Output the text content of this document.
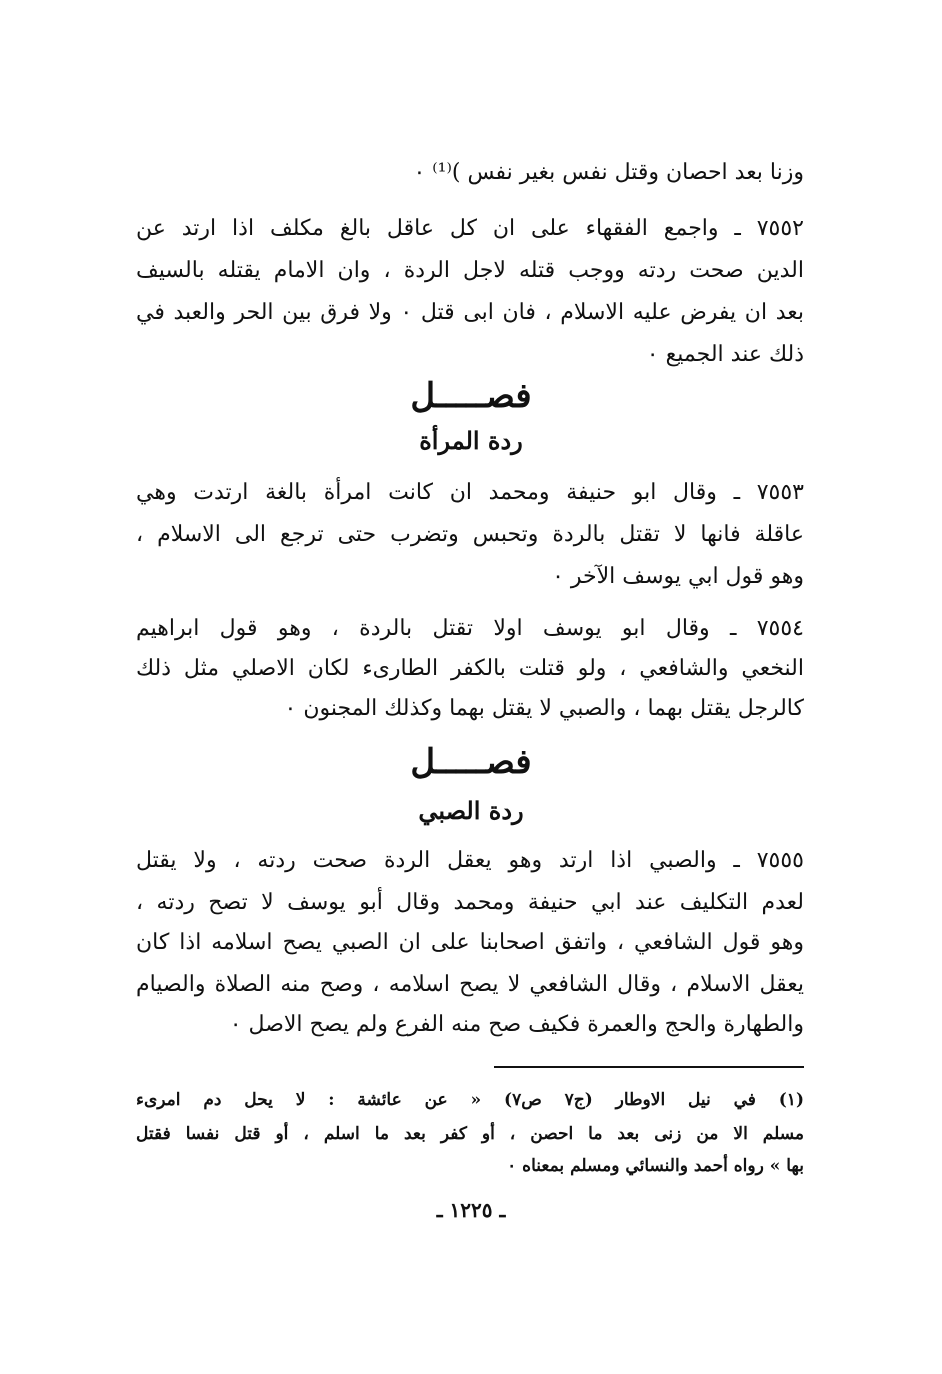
وزنا بعد احصان وقتل نفس بغير نفس )⁽¹⁾ ٠
٧٥٥٢ ـ واجمع الفقهاء على ان كل عاقل بالغ مكلف اذا ارتد عن
الدين صحت ردته ووجب قتله لاجل الردة ، وان الامام يقتله بالسيف
بعد ان يفرض عليه الاسلام ، فان ابى قتل ٠ ولا فرق بين الحر والعبد في
ذلك عند الجميع ٠
فصـــــل
ردة المرأة
٧٥٥٣ ـ وقال ابو حنيفة ومحمد ان كانت امرأة بالغة ارتدت وهي
عاقلة فانها لا تقتل بالردة وتحبس وتضرب حتى ترجع الى الاسلام ،
وهو قول ابي يوسف الآخر ٠
٧٥٥٤ ـ وقال ابو يوسف اولا تقتل بالردة ، وهو قول ابراهيم
النخعي والشافعي ، ولو قتلت بالكفر الطارىء لكان الاصلي مثل ذلك
كالرجل يقتل بهما ، والصبي لا يقتل بهما وكذلك المجنون ٠
فصـــــل
ردة الصبي
٧٥٥٥ ـ والصبي اذا ارتد وهو يعقل الردة صحت ردته ، ولا يقتل
لعدم التكليف عند ابي حنيفة ومحمد وقال أبو يوسف لا تصح ردته ،
وهو قول الشافعي ، واتفق اصحابنا على ان الصبي يصح اسلامه اذا كان
يعقل الاسلام ، وقال الشافعي لا يصح اسلامه ، وصح منه الصلاة والصيام
والطهارة والحج والعمرة فكيف صح منه الفرع ولم يصح الاصل ٠
(١) في نيل الاوطار (ج٧ ص٧) « عن عائشة : لا يحل دم امرىء
مسلم الا من زنى بعد ما احصن ، أو كفر بعد ما اسلم ، أو قتل نفسا فقتل
بها » رواه أحمد والنسائي ومسلم بمعناه ٠
ـ ١٢٢٥ ـ
